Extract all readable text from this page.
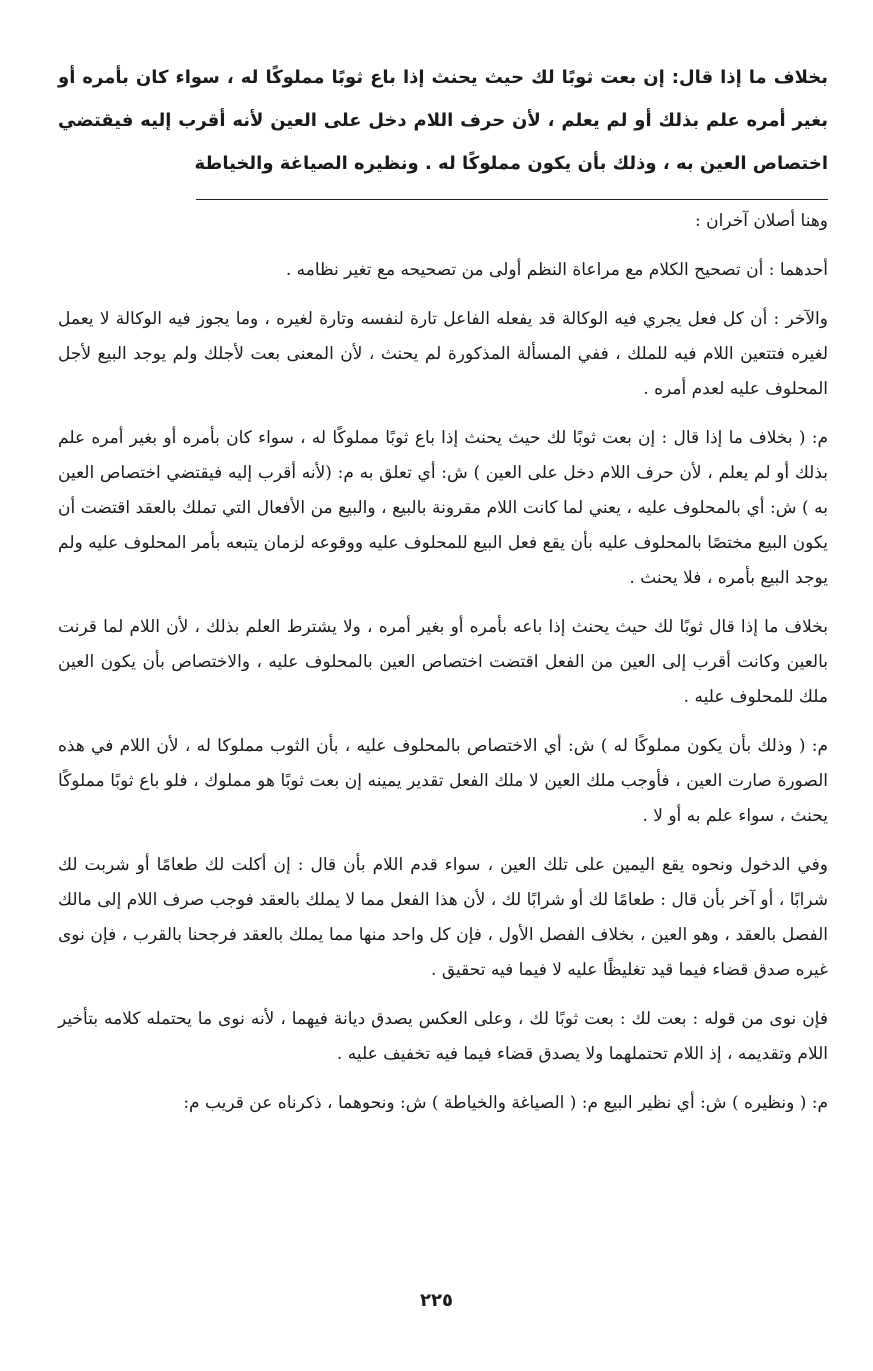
بخلاف ما إذا قال: إن بعت ثوبًا لك حيث يحنث إذا باع ثوبًا مملوكًا له ، سواء كان بأمره أو بغير أمره علم بذلك أو لم يعلم ، لأن حرف اللام دخل على العين لأنه أقرب إليه فيقتضي اختصاص العين به ، وذلك بأن يكون مملوكًا له . ونظيره الصياغة والخياطة

وهنا أصلان آخران :

أحدهما : أن تصحيح الكلام مع مراعاة النظم أولى من تصحيحه مع تغير نظامه .

والآخر : أن كل فعل يجري فيه الوكالة قد يفعله الفاعل تارة لنفسه وتارة لغيره ، وما يجوز فيه الوكالة لا يعمل لغيره فتتعين اللام فيه للملك ، ففي المسألة المذكورة لم يحنث ، لأن المعنى بعت لأجلك ولم يوجد البيع لأجل المحلوف عليه لعدم أمره .

م: ( بخلاف ما إذا قال : إن بعت ثوبًا لك حيث يحنث إذا باع ثوبًا مملوكًا له ، سواء كان بأمره أو بغير أمره علم بذلك أو لم يعلم ، لأن حرف اللام دخل على العين ) ش: أي تعلق به م: (لأنه أقرب إليه فيقتضي اختصاص العين به ) ش: أي بالمحلوف عليه ، يعني لما كانت اللام مقرونة بالبيع ، والبيع من الأفعال التي تملك بالعقد اقتضت أن يكون البيع مختصًا بالمحلوف عليه بأن يقع فعل البيع للمحلوف عليه ووقوعه لزمان يتبعه بأمر المحلوف عليه ولم يوجد البيع بأمره ، فلا يحنث .

بخلاف ما إذا قال ثوبًا لك حيث يحنث إذا باعه بأمره أو بغير أمره ، ولا يشترط العلم بذلك ، لأن اللام لما قرنت بالعين وكانت أقرب إلى العين من الفعل اقتضت اختصاص العين بالمحلوف عليه ، والاختصاص بأن يكون العين ملك للمحلوف عليه .

م: ( وذلك بأن يكون مملوكًا له ) ش: أي الاختصاص بالمحلوف عليه ، بأن الثوب مملوكا له ، لأن اللام في هذه الصورة صارت العين ، فأوجب ملك العين لا ملك الفعل تقدير يمينه إن بعت ثوبًا هو مملوك ، فلو باع ثوبًا مملوكًا يحنث ، سواء علم به أو لا .

وفي الدخول ونحوه يقع اليمين على تلك العين ، سواء قدم اللام بأن قال : إن أكلت لك طعامًا أو شربت لك شرابًا ، أو آخر بأن قال : طعامًا لك أو شرابًا لك ، لأن هذا الفعل مما لا يملك بالعقد فوجب صرف اللام إلى مالك الفصل بالعقد ، وهو العين ، بخلاف الفصل الأول ، فإن كل واحد منها مما يملك بالعقد فرجحنا بالقرب ، فإن نوى غيره صدق قضاء فيما قيد تغليظًا عليه لا فيما فيه تحقيق .

فإن نوى من قوله : بعت لك : بعت ثوبًا لك ، وعلى العكس يصدق ديانة فيهما ، لأنه نوى ما يحتمله كلامه بتأخير اللام وتقديمه ، إذ اللام تحتملهما ولا يصدق قضاء فيما فيه تخفيف عليه .

م: ( ونظيره ) ش: أي نظير البيع م: ( الصياغة والخياطة ) ش: ونحوهما ، ذكرناه عن قريب م:

٢٢٥
